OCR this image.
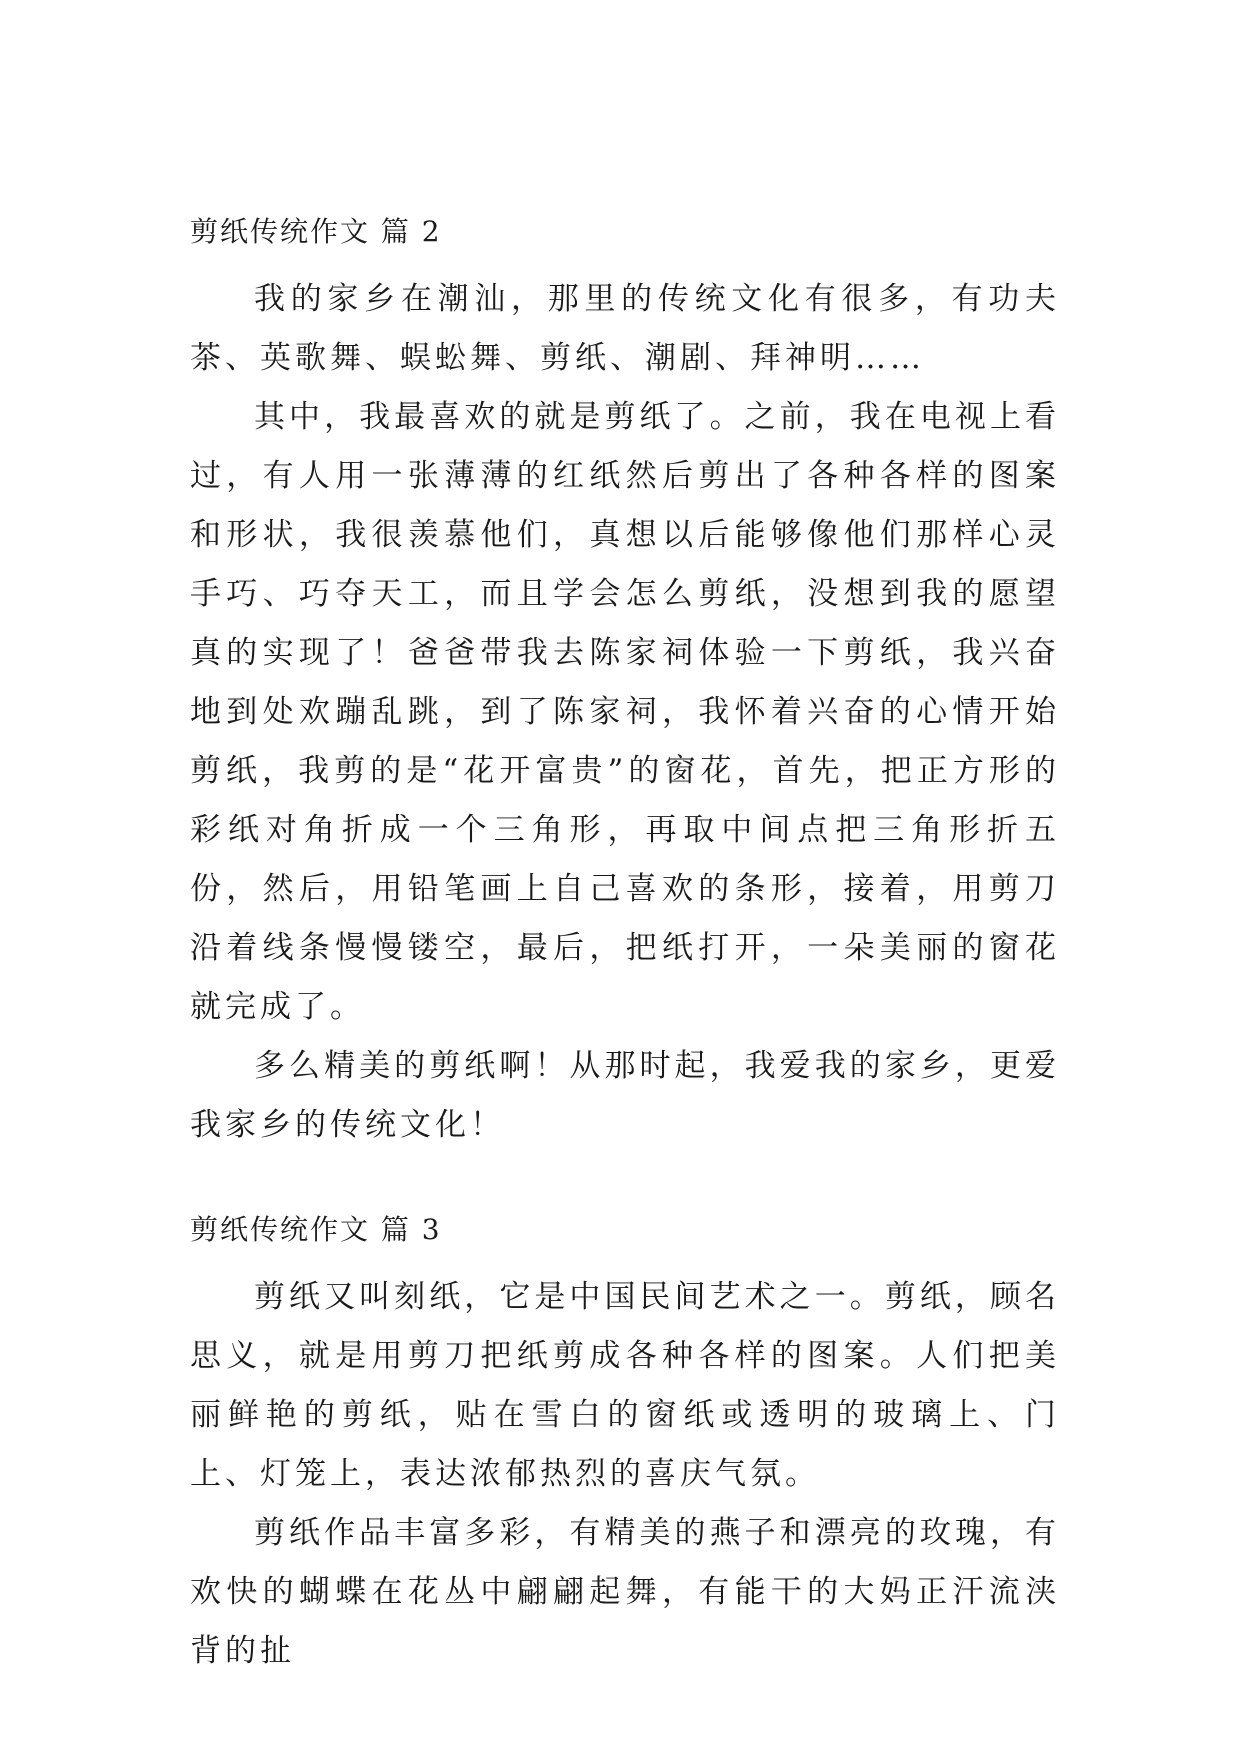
剪纸传统作文 篇 2

我的家乡在潮汕，那里的传统文化有很多，有功夫茶、英歌舞、蜈蚣舞、剪纸、潮剧、拜神明……

其中，我最喜欢的就是剪纸了。之前，我在电视上看过，有人用一张薄薄的红纸然后剪出了各种各样的图案和形状，我很羡慕他们，真想以后能够像他们那样心灵手巧、巧夺天工，而且学会怎么剪纸，没想到我的愿望真的实现了！爸爸带我去陈家祠体验一下剪纸，我兴奋地到处欢蹦乱跳，到了陈家祠，我怀着兴奋的心情开始剪纸，我剪的是“花开富贵”的窗花，首先，把正方形的彩纸对角折成一个三角形，再取中间点把三角形折五份，然后，用铅笔画上自己喜欢的条形，接着，用剪刀沿着线条慢慢镂空，最后，把纸打开，一朵美丽的窗花就完成了。

多么精美的剪纸啊！从那时起，我爱我的家乡，更爱我家乡的传统文化！

剪纸传统作文 篇 3

剪纸又叫刻纸，它是中国民间艺术之一。剪纸，顾名思义，就是用剪刀把纸剪成各种各样的图案。人们把美丽鲜艳的剪纸，贴在雪白的窗纸或透明的玻璃上、门上、灯笼上，表达浓郁热烈的喜庆气氛。

剪纸作品丰富多彩，有精美的燕子和漂亮的玫瑰，有欢快的蝴蝶在花丛中翩翩起舞，有能干的大妈正汗流浃背的扯
